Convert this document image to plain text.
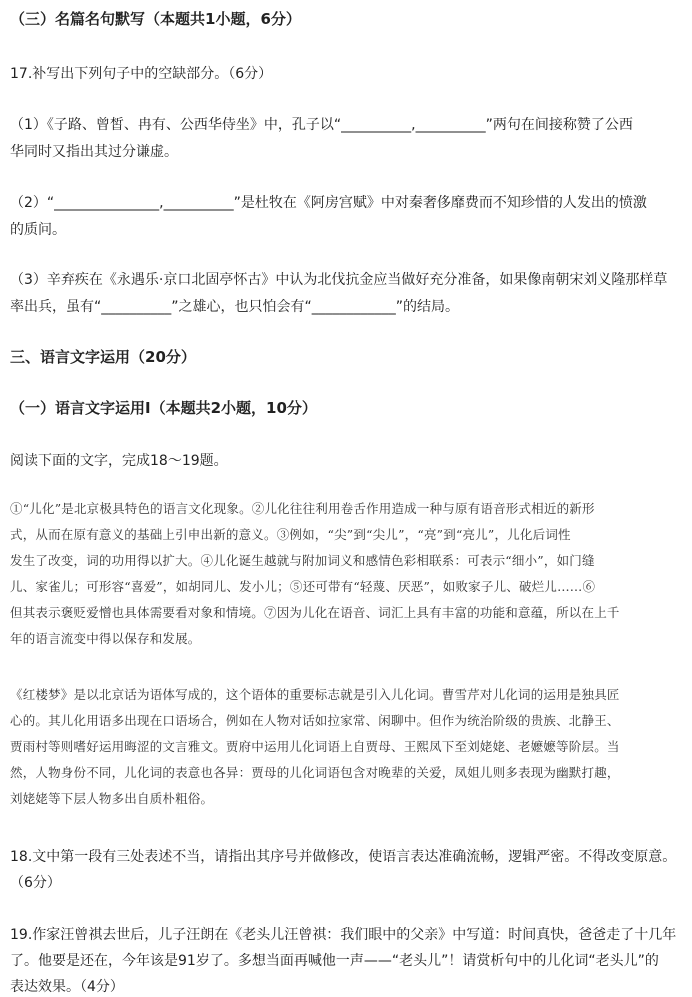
（三）名篇名句默写（本题共1小题，6分）
17.补写出下列句子中的空缺部分。（6分）
（1）《子路、曾皙、冉有、公西华侍坐》中，孔子以“__________,__________”两句在间接称赞了公西
华同时又指出其过分谦虚。
（2）“_______________,__________”是杜牧在《阿房宫赋》中对秦奢侈靡费而不知珍惜的人发出的愤激
的质问。
（3）辛弃疾在《永遇乐·京口北固亭怀古》中认为北伐抗金应当做好充分准备，如果像南朝宋刘义隆那样草
率出兵，虽有“__________”之雄心，也只怕会有“____________”的结局。
三、语言文字运用（20分）
（一）语言文字运用Ⅰ（本题共2小题，10分）
阅读下面的文字，完成18～19题。
①“儿化”是北京极具特色的语言文化现象。②儿化往往利用卷舌作用造成一种与原有语音形式相近的新形
式，从而在原有意义的基础上引申出新的意义。③例如，“尖”到“尖儿”，“亮”到“亮儿”，儿化后词性
发生了改变，词的功用得以扩大。④儿化诞生越就与附加词义和感情色彩相联系：可表示“细小”，如门缝
儿、家雀儿；可形容“喜爱”，如胡同儿、发小儿；⑤还可带有“轻蔑、厌恶”，如败家子儿、破烂儿……⑥
但其表示褒贬爱憎也具体需要看对象和情境。⑦因为儿化在语音、词汇上具有丰富的功能和意蕴，所以在上千
年的语言流变中得以保存和发展。
《红楼梦》是以北京话为语体写成的，这个语体的重要标志就是引入儿化词。曹雪芹对儿化词的运用是独具匠
心的。其儿化用语多出现在口语场合，例如在人物对话如拉家常、闲聊中。但作为统治阶级的贵族、北静王、
贾雨村等则嗜好运用晦涩的文言雅文。贾府中运用儿化词语上自贾母、王熙凤下至刘姥姥、老嬷嬷等阶层。当
然，人物身份不同，儿化词的表意也各异：贾母的儿化词语包含对晚辈的关爱，凤姐儿则多表现为幽默打趣，
刘姥姥等下层人物多出自质朴粗俗。
18.文中第一段有三处表述不当，请指出其序号并做修改，使语言表达准确流畅，逻辑严密。不得改变原意。
（6分）
19.作家汪曾祺去世后，儿子汪朗在《老头儿汪曾祺：我们眼中的父亲》中写道：时间真快，爸爸走了十几年
了。他要是还在，今年该是91岁了。多想当面再喊他一声——“老头儿”！请赏析句中的儿化词“老头儿”的
表达效果。（4分）
